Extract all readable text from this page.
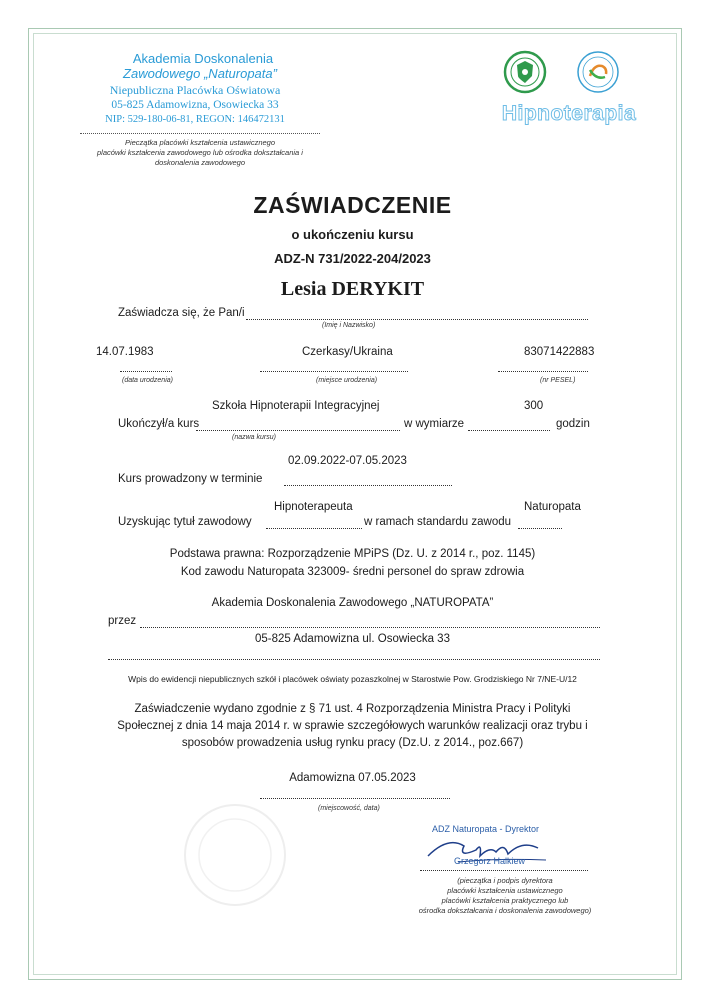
Akademia Doskonalenia
Zawodowego „Naturopata”
Niepubliczna Placówka Oświatowa
05-825 Adamowizna, Osowiecka 33
NIP: 529-180-06-81, REGON: 146472131
Pieczątka placówki kształcenia ustawicznego
placówki kształcenia zawodowego lub ośrodka dokształcania i
doskonalenia zawodowego
Hipnoterapia
ZAŚWIADCZENIE
o ukończeniu kursu
ADZ-N 731/2022-204/2023
Lesia DERYKIT
Zaświadcza się, że Pan/i
(Imię i Nazwisko)
14.07.1983	Czerkasy/Ukraina	83071422883
(data urodzenia)	(miejsce urodzenia)	(nr PESEL)
Szkoła Hipnoterapii Integracyjnej	300
Ukończył/a kurs	w wymiarze	godzin
(nazwa kursu)
02.09.2022-07.05.2023
Kurs prowadzony w terminie
Hipnoterapeuta	Naturopata
Uzyskując tytuł zawodowy	w ramach standardu zawodu
Podstawa prawna: Rozporządzenie MPiPS (Dz. U. z 2014 r., poz. 1145)
Kod zawodu Naturopata 323009- średni personel do spraw zdrowia
Akademia Doskonalenia Zawodowego „NATUROPATA”
przez
05-825 Adamowizna ul. Osowiecka 33
Wpis do ewidencji niepublicznych szkół i placówek oświaty pozaszkolnej w Starostwie Pow. Grodziskiego Nr 7/NE-U/12
Zaświadczenie wydano zgodnie z § 71 ust. 4 Rozporządzenia Ministra Pracy i Polityki
Społecznej z dnia 14 maja 2014 r. w sprawie szczegółowych warunków realizacji oraz trybu i
sposobów prowadzenia usług rynku pracy (Dz.U. z 2014., poz.667)
Adamowizna 07.05.2023
(miejscowość, data)
ADZ Naturopata - Dyrektor
Grzegorz Halkiew
(pieczątka i podpis dyrektora
placówki kształcenia ustawicznego
placówki kształcenia praktycznego lub
ośrodka dokształcania i doskonalenia zawodowego)
